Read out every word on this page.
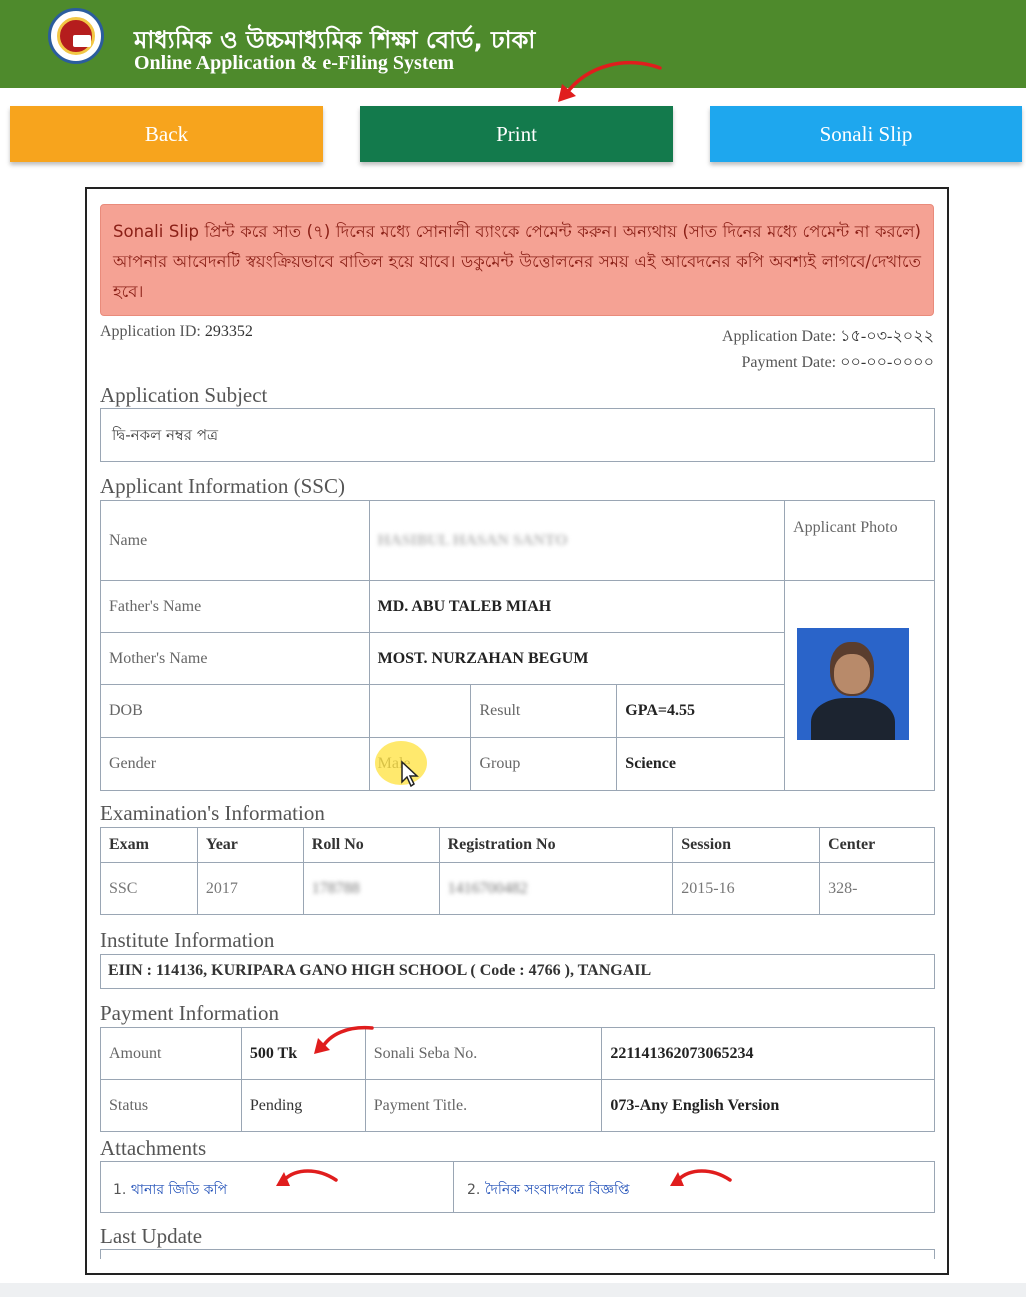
মাধ্যমিক ও উচ্চমাধ্যমিক শিক্ষা বোর্ড, ঢাকা
Online Application & e-Filing System
Back	Print	Sonali Slip
Sonali Slip প্রিন্ট করে সাত (৭) দিনের মধ্যে সোনালী ব্যাংকে পেমেন্ট করুন। অন্যথায় (সাত দিনের মধ্যে পেমেন্ট না করলে) আপনার আবেদনটি স্বয়ংক্রিয়ভাবে বাতিল হয়ে যাবে। ডকুমেন্ট উত্তোলনের সময় এই আবেদনের কপি অবশ্যই লাগবে/দেখাতে হবে।
Application ID: 293352	Application Date: ১৫-০৩-২০২২
Payment Date: ০০-০০-০০০০
Application Subject
দ্বি-নকল নম্বর পত্র
Applicant Information (SSC)
Name	HASIBUL HASAN SANTO			Applicant Photo
Father's Name	MD. ABU TALEB MIAH			
Mother's Name	MOST. NURZAHAN BEGUM			
DOB		Result	GPA=4.55	
Gender		Group	Science	
Examination's Information
Exam	Year	Roll No	Registration No	Session	Center
SSC	2017	178788	1416700482	2015-16	328-
Institute Information
EIIN : 114136, KURIPARA GANO HIGH SCHOOL ( Code : 4766 ), TANGAIL
Payment Information
Amount	500 Tk	Sonali Seba No.	221141362073065234
Status	Pending	Payment Title.	073-Any English Version
Attachments
1. থানার জিডি কপি	2. দৈনিক সংবাদপত্রে বিজ্ঞপ্তি
Last Update
